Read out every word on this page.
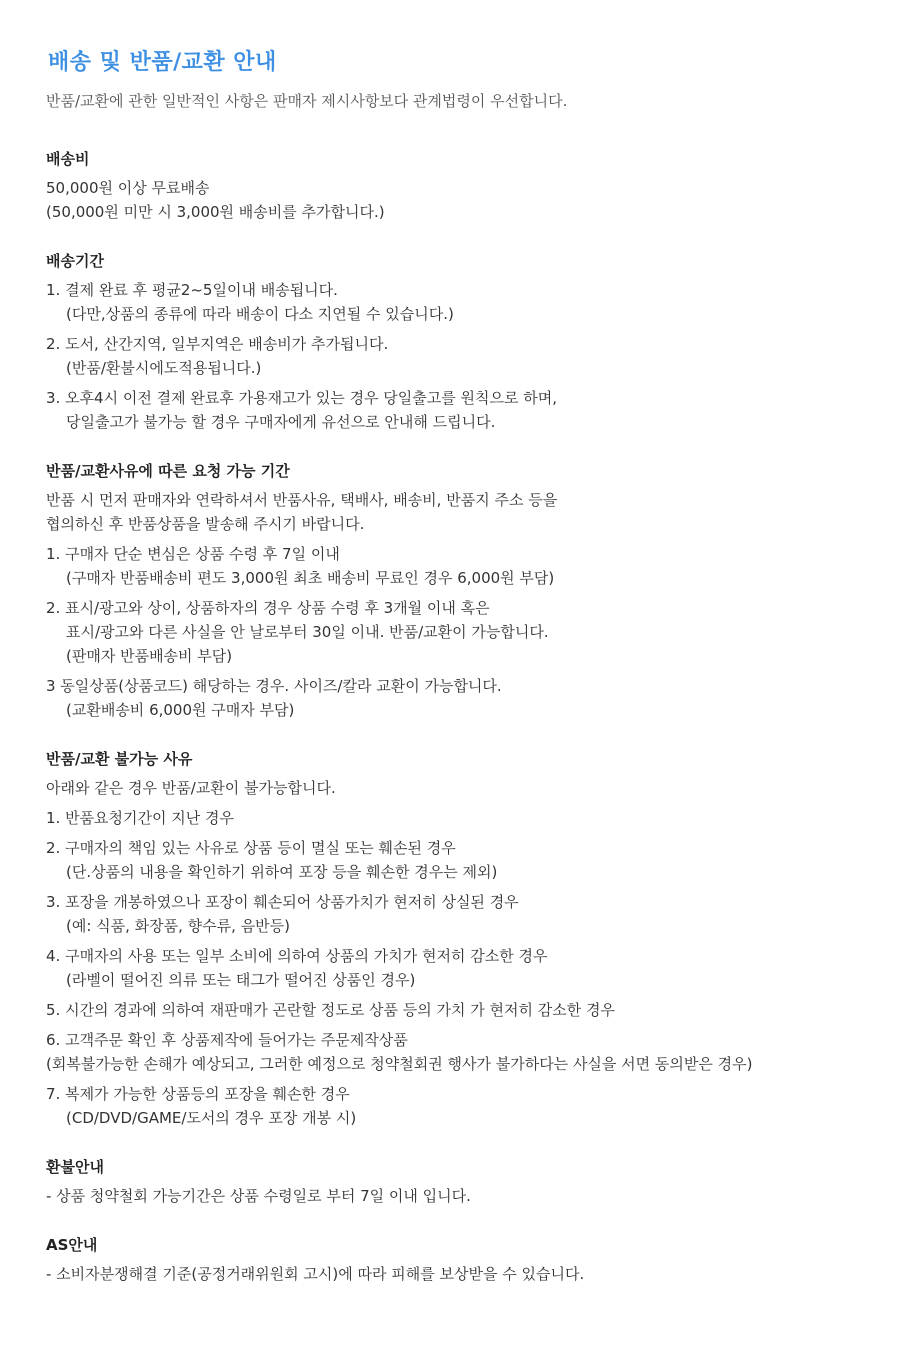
배송 및 반품/교환 안내
반품/교환에 관한 일반적인 사항은 판매자 제시사항보다 관계법령이 우선합니다.
배송비
50,000원 이상 무료배송
(50,000원 미만 시 3,000원 배송비를 추가합니다.)
배송기간
1. 결제 완료 후 평균2~5일이내 배송됩니다.
(다만,상품의 종류에 따라 배송이 다소 지연될 수 있습니다.)
2. 도서, 산간지역, 일부지역은 배송비가 추가됩니다.
(반품/환불시에도적용됩니다.)
3. 오후4시 이전 결제 완료후 가용재고가 있는 경우 당일출고를 원칙으로 하며,
당일출고가 불가능 할 경우 구매자에게 유선으로 안내해 드립니다.
반품/교환사유에 따른 요청 가능 기간
반품 시 먼저 판매자와 연락하셔서 반품사유, 택배사, 배송비, 반품지 주소 등을
협의하신 후 반품상품을 발송해 주시기 바랍니다.
1. 구매자 단순 변심은 상품 수령 후 7일 이내
(구매자 반품배송비 편도 3,000원 최초 배송비 무료인 경우 6,000원 부담)
2. 표시/광고와 상이, 상품하자의 경우 상품 수령 후 3개월 이내 혹은
표시/광고와 다른 사실을 안 날로부터 30일 이내. 반품/교환이 가능합니다.
(판매자 반품배송비 부담)
3 동일상품(상품코드) 해당하는 경우. 사이즈/칼라 교환이 가능합니다.
(교환배송비 6,000원 구매자 부담)
반품/교환 불가능 사유
아래와 같은 경우 반품/교환이 불가능합니다.
1. 반품요청기간이 지난 경우
2. 구매자의 책임 있는 사유로 상품 등이 멸실 또는 훼손된 경우
(단.상품의 내용을 확인하기 위하여 포장 등을 훼손한 경우는 제외)
3. 포장을 개봉하였으나 포장이 훼손되어 상품가치가 현저히 상실된 경우
(예: 식품, 화장품, 향수류, 음반등)
4. 구매자의 사용 또는 일부 소비에 의하여 상품의 가치가 현저히 감소한 경우
(라벨이 떨어진 의류 또는 태그가 떨어진 상품인 경우)
5. 시간의 경과에 의하여 재판매가 곤란할 정도로 상품 등의 가치 가 현저히 감소한 경우
6. 고객주문 확인 후 상품제작에 들어가는 주문제작상품
(회복불가능한 손해가 예상되고, 그러한 예정으로 청약철회권 행사가 불가하다는 사실을 서면 동의받은 경우)
7. 복제가 가능한 상품등의 포장을 훼손한 경우
(CD/DVD/GAME/도서의 경우 포장 개봉 시)
환불안내
- 상품 청약철회 가능기간은 상품 수령일로 부터 7일 이내 입니다.
AS안내
- 소비자분쟁해결 기준(공정거래위원회 고시)에 따라 피해를 보상받을 수 있습니다.
